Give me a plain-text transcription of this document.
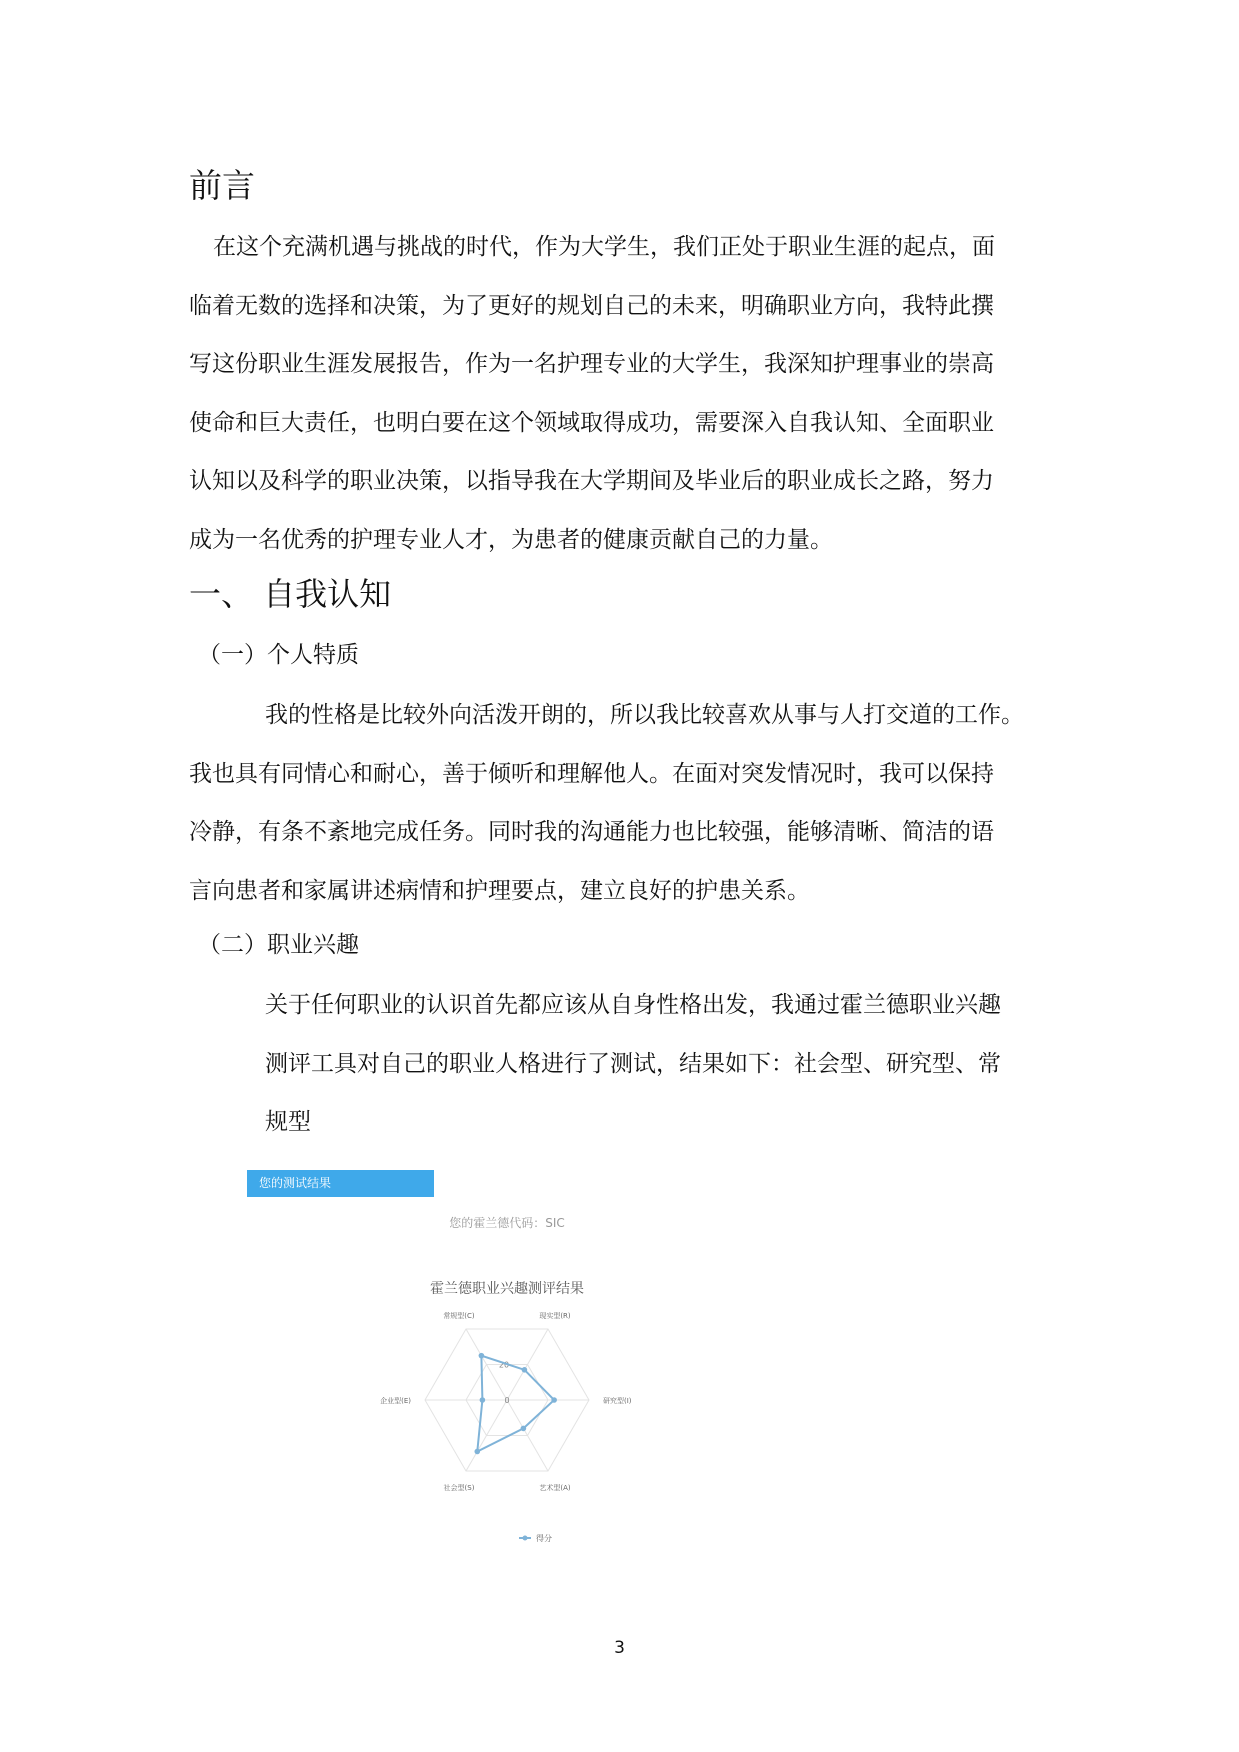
前言

在这个充满机遇与挑战的时代，作为大学生，我们正处于职业生涯的起点，面
临着无数的选择和决策，为了更好的规划自己的未来，明确职业方向，我特此撰
写这份职业生涯发展报告，作为一名护理专业的大学生，我深知护理事业的崇高
使命和巨大责任，也明白要在这个领域取得成功，需要深入自我认知、全面职业
认知以及科学的职业决策，以指导我在大学期间及毕业后的职业成长之路，努力
成为一名优秀的护理专业人才，为患者的健康贡献自己的力量。

一、 自我认知
（一）个人特质

我的性格是比较外向活泼开朗的，所以我比较喜欢从事与人打交道的工作。
我也具有同情心和耐心，善于倾听和理解他人。在面对突发情况时，我可以保持
冷静，有条不紊地完成任务。同时我的沟通能力也比较强，能够清晰、简洁的语
言向患者和家属讲述病情和护理要点，建立良好的护患关系。

（二）职业兴趣

关于任何职业的认识首先都应该从自身性格出发，我通过霍兰德职业兴趣
测评工具对自己的职业人格进行了测试，结果如下：社会型、研究型、常
规型

您的测试结果
您的霍兰德代码：SIC
霍兰德职业兴趣测评结果
0
20
现实型(R)
研究型(I)
艺术型(A)
社会型(S)
企业型(E)
常规型(C)
得分
3
